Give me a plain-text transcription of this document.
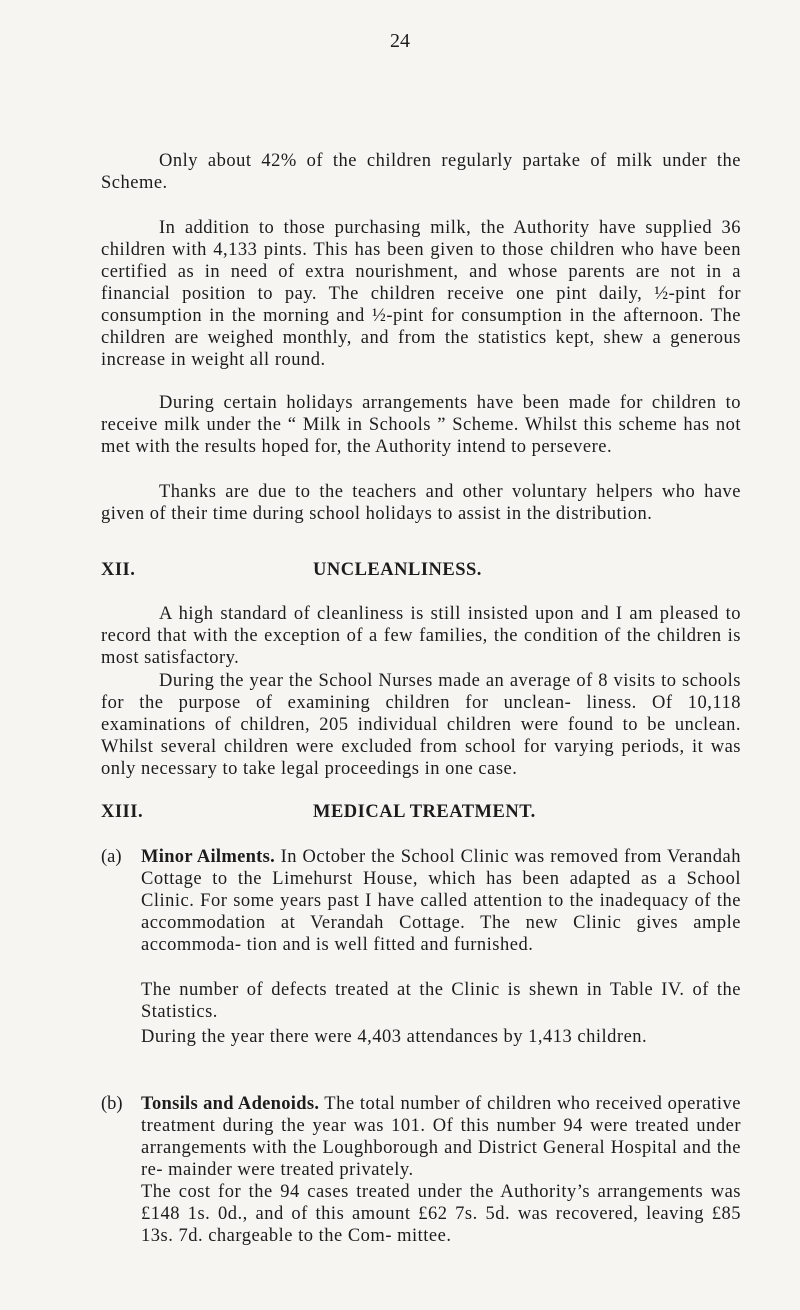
24

Only about 42% of the children regularly partake of milk under the Scheme.

In addition to those purchasing milk, the Authority have supplied 36 children with 4,133 pints. This has been given to those children who have been certified as in need of extra nourishment, and whose parents are not in a financial position to pay. The children receive one pint daily, ½-pint for consumption in the morning and ½-pint for consumption in the afternoon. The children are weighed monthly, and from the statistics kept, shew a generous increase in weight all round.

During certain holidays arrangements have been made for children to receive milk under the “ Milk in Schools ” Scheme. Whilst this scheme has not met with the results hoped for, the Authority intend to persevere.

Thanks are due to the teachers and other voluntary helpers who have given of their time during school holidays to assist in the distribution.

XII.	UNCLEANLINESS.

A high standard of cleanliness is still insisted upon and I am pleased to record that with the exception of a few families, the condition of the children is most satisfactory.

During the year the School Nurses made an average of 8 visits to schools for the purpose of examining children for unclean- liness. Of 10,118 examinations of children, 205 individual children were found to be unclean. Whilst several children were excluded from school for varying periods, it was only necessary to take legal proceedings in one case.

XIII.	MEDICAL TREATMENT.
(a) Minor Ailments. In October the School Clinic was removed from Verandah Cottage to the Limehurst House, which has been adapted as a School Clinic. For some years past I have called attention to the inadequacy of the accommodation at Verandah Cottage. The new Clinic gives ample accommoda- tion and is well fitted and furnished.

The number of defects treated at the Clinic is shewn in Table IV. of the Statistics.

During the year there were 4,403 attendances by 1,413 children.

(b) Tonsils and Adenoids. The total number of children who received operative treatment during the year was 101. Of this number 94 were treated under arrangements with the Loughborough and District General Hospital and the re- mainder were treated privately.

The cost for the 94 cases treated under the Authority’s arrangements was £148 1s. 0d., and of this amount £62 7s. 5d. was recovered, leaving £85 13s. 7d. chargeable to the Com- mittee.
